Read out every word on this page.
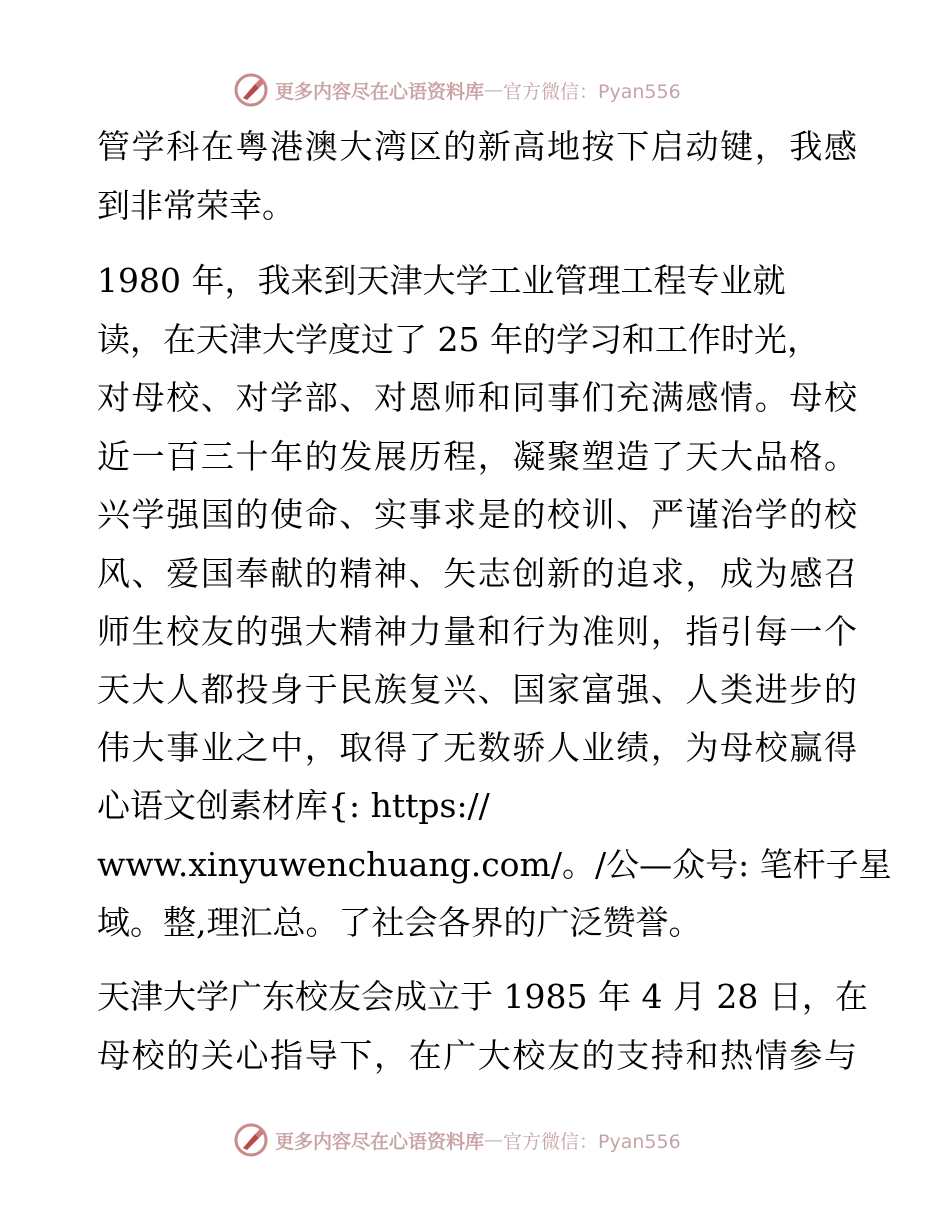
更多内容尽在心语资料库 — 官方微信：Pyan556
管学科在粤港澳大湾区的新高地按下启动键，我感
到非常荣幸。
1980 年，我来到天津大学工业管理工程专业就
读，在天津大学度过了 25 年的学习和工作时光，
对母校、对学部、对恩师和同事们充满感情。母校
近一百三十年的发展历程，凝聚塑造了天大品格。
兴学强国的使命、实事求是的校训、严谨治学的校
风、爱国奉献的精神、矢志创新的追求，成为感召
师生校友的强大精神力量和行为准则，指引每一个
天大人都投身于民族复兴、国家富强、人类进步的
伟大事业之中，取得了无数骄人业绩，为母校赢得
心语文创素材库{: https://
www.xinyuwenchuang.com/。/公—众号: 笔杆子星
域。整,理汇总。了社会各界的广泛赞誉。
天津大学广东校友会成立于 1985 年 4 月 28 日，在
母校的关心指导下，在广大校友的支持和热情参与
更多内容尽在心语资料库 — 官方微信：Pyan556
